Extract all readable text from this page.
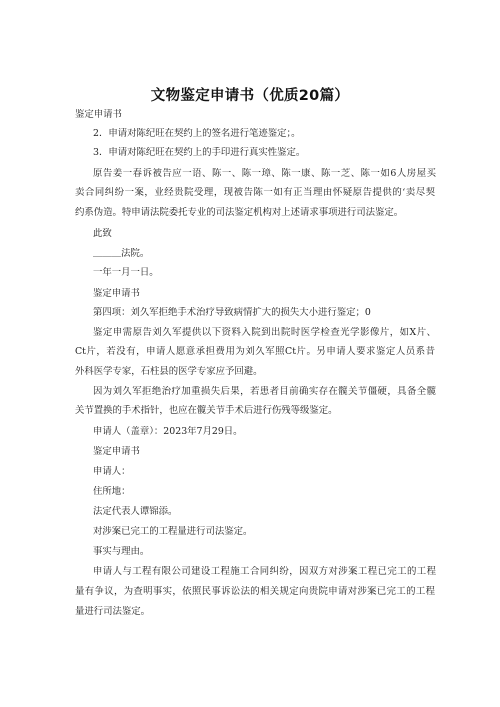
文物鉴定申请书（优质20篇）
鉴定申请书
2．申请对陈纪旺在契约上的签名进行笔迹鉴定；。
3．申请对陈纪旺在契约上的手印进行真实性鉴定。
原告姜一春诉被告应一语、陈一、陈一璋、陈一康、陈一芝、陈一如6人房屋买
卖合同纠纷一案，业经贵院受理，现被告陈一如有正当理由怀疑原告提供的‘卖尽契
约系伪造。特申请法院委托专业的司法鉴定机构对上述请求事项进行司法鉴定。
此致
＿＿＿法院。
一年一月一日。
鉴定申请书
第四项：刘久军拒绝手术治疗导致病情扩大的损失大小进行鉴定；0
鉴定申需原告刘久军提供以下资料入院到出院时医学检查光学影像片，如X片、
Ct片，若没有，申请人愿意承担费用为刘久军照Ct片。另申请人要求鉴定人员系昔
外科医学专家，石柱县的医学专家应予回避。
因为刘久军拒绝治疗加重损失后果，若患者目前确实存在髋关节僵硬，具备全髋
关节置换的手术指针，也应在髋关节手术后进行伤残等级鉴定。
申请人（盖章）：2023年7月29日。
鉴定申请书
申请人：
住所地：
法定代表人谭锦添。
对涉案已完工的工程量进行司法鉴定。
事实与理由。
申请人与工程有限公司建设工程施工合同纠纷，因双方对涉案工程已完工的工程
量有争议，为查明事实，依照民事诉讼法的相关规定向贵院申请对涉案已完工的工程
量进行司法鉴定。
